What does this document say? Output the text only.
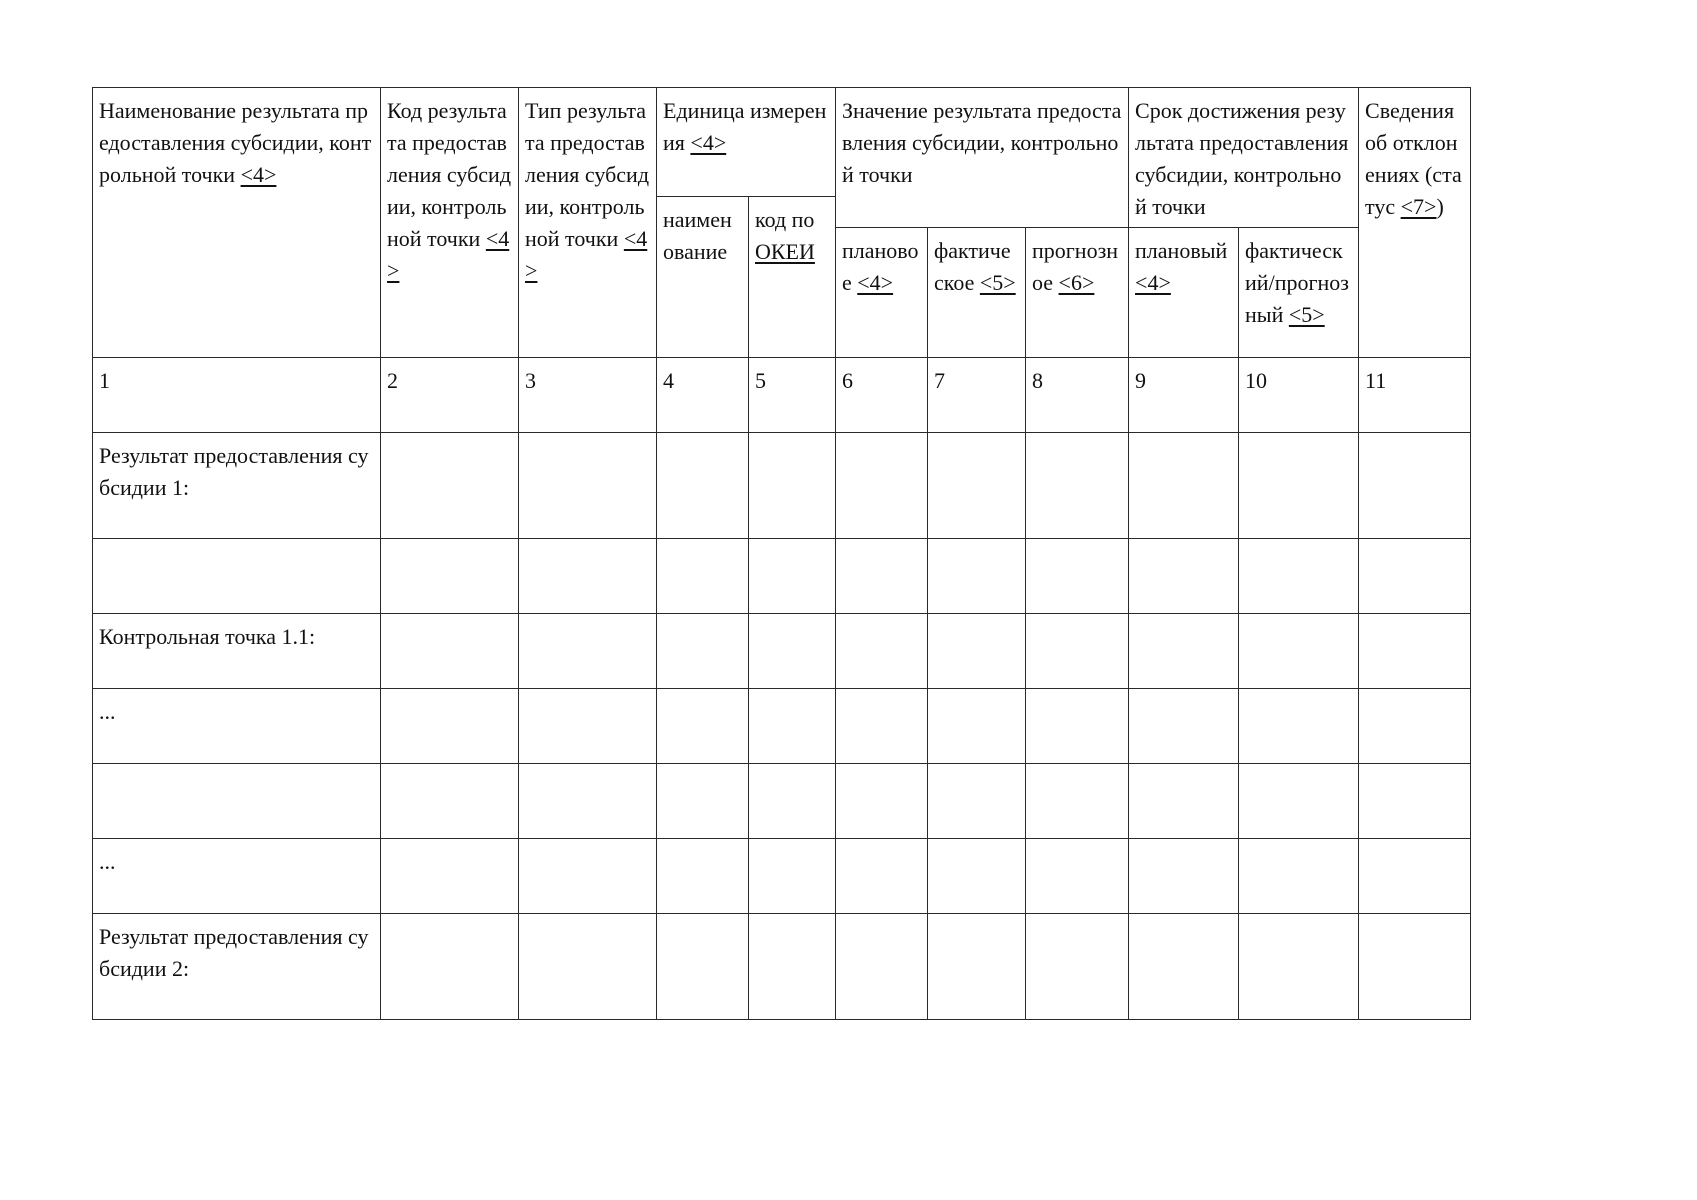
Наименование результата предоставления субсидии, контрольной точки <4>	Код результата предоставления субсидии, контрольной точки <4>	Тип результата предоставления субсидии, контрольной точки <4>	Единица измерения <4>		Значение результата предоставления субсидии, контрольной точки			Срок достижения результата предоставления субсидии, контрольной точки		Сведения об отклонениях (статус <7>)
			наименование	код по ОКЕИ						
					плановое <4>	фактическое <5>	прогнозное <6>	плановый <4>	фактический/прогнозный <5>	
1	2	3	4	5	6	7	8	9	10	11
Результат предоставления субсидии 1:										

Контрольная точка 1.1:										
...										

...										
Результат предоставления субсидии 2:										
